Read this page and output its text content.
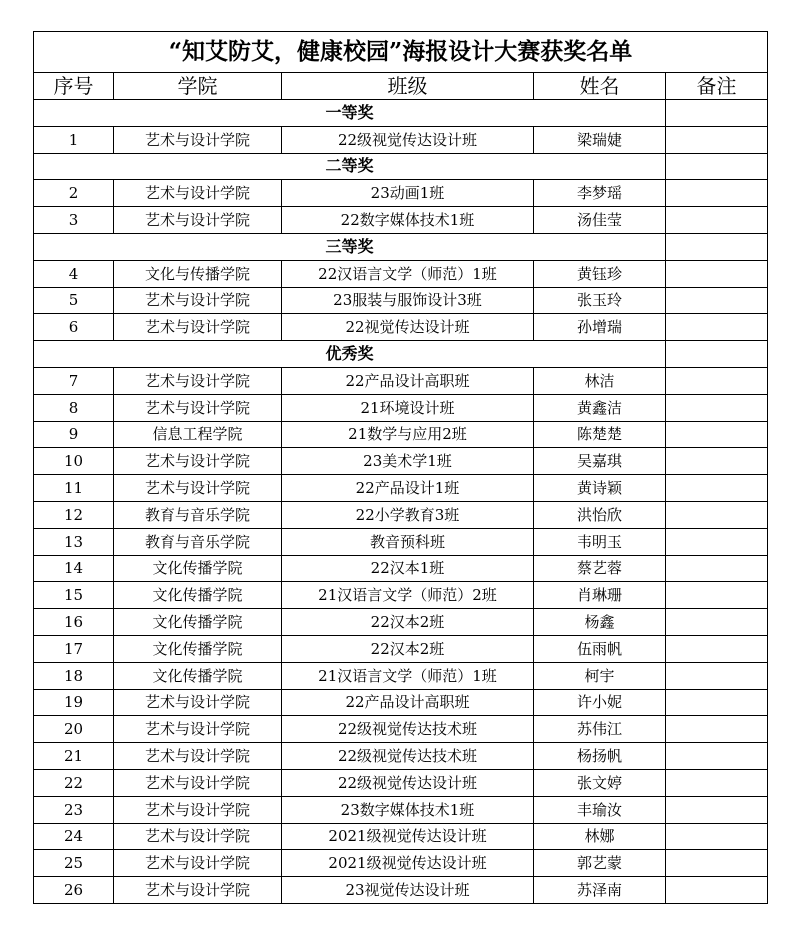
“知艾防艾，健康校园”海报设计大赛获奖名单				
序号	学院	班级	姓名	备注
一等奖				
1	艺术与设计学院	22级视觉传达设计班	梁瑞婕	
二等奖				
2	艺术与设计学院	23动画1班	李梦瑶	
3	艺术与设计学院	22数字媒体技术1班	汤佳莹	
三等奖				
4	文化与传播学院	22汉语言文学（师范）1班	黄钰珍	
5	艺术与设计学院	23服装与服饰设计3班	张玉玲	
6	艺术与设计学院	22视觉传达设计班	孙增瑞	
优秀奖				
7	艺术与设计学院	22产品设计高职班	林洁	
8	艺术与设计学院	21环境设计班	黄鑫洁	
9	信息工程学院	21数学与应用2班	陈楚楚	
10	艺术与设计学院	23美术学1班	吴嘉琪	
11	艺术与设计学院	22产品设计1班	黄诗颖	
12	教育与音乐学院	22小学教育3班	洪怡欣	
13	教育与音乐学院	教音预科班	韦明玉	
14	文化传播学院	22汉本1班	蔡艺蓉	
15	文化传播学院	21汉语言文学（师范）2班	肖琳珊	
16	文化传播学院	22汉本2班	杨鑫	
17	文化传播学院	22汉本2班	伍雨帆	
18	文化传播学院	21汉语言文学（师范）1班	柯宇	
19	艺术与设计学院	22产品设计高职班	许小妮	
20	艺术与设计学院	22级视觉传达技术班	苏伟江	
21	艺术与设计学院	22级视觉传达技术班	杨扬帆	
22	艺术与设计学院	22级视觉传达设计班	张文婷	
23	艺术与设计学院	23数字媒体技术1班	丰瑜汝	
24	艺术与设计学院	2021级视觉传达设计班	林娜	
25	艺术与设计学院	2021级视觉传达设计班	郭艺蒙	
26	艺术与设计学院	23视觉传达设计班	苏泽南	
